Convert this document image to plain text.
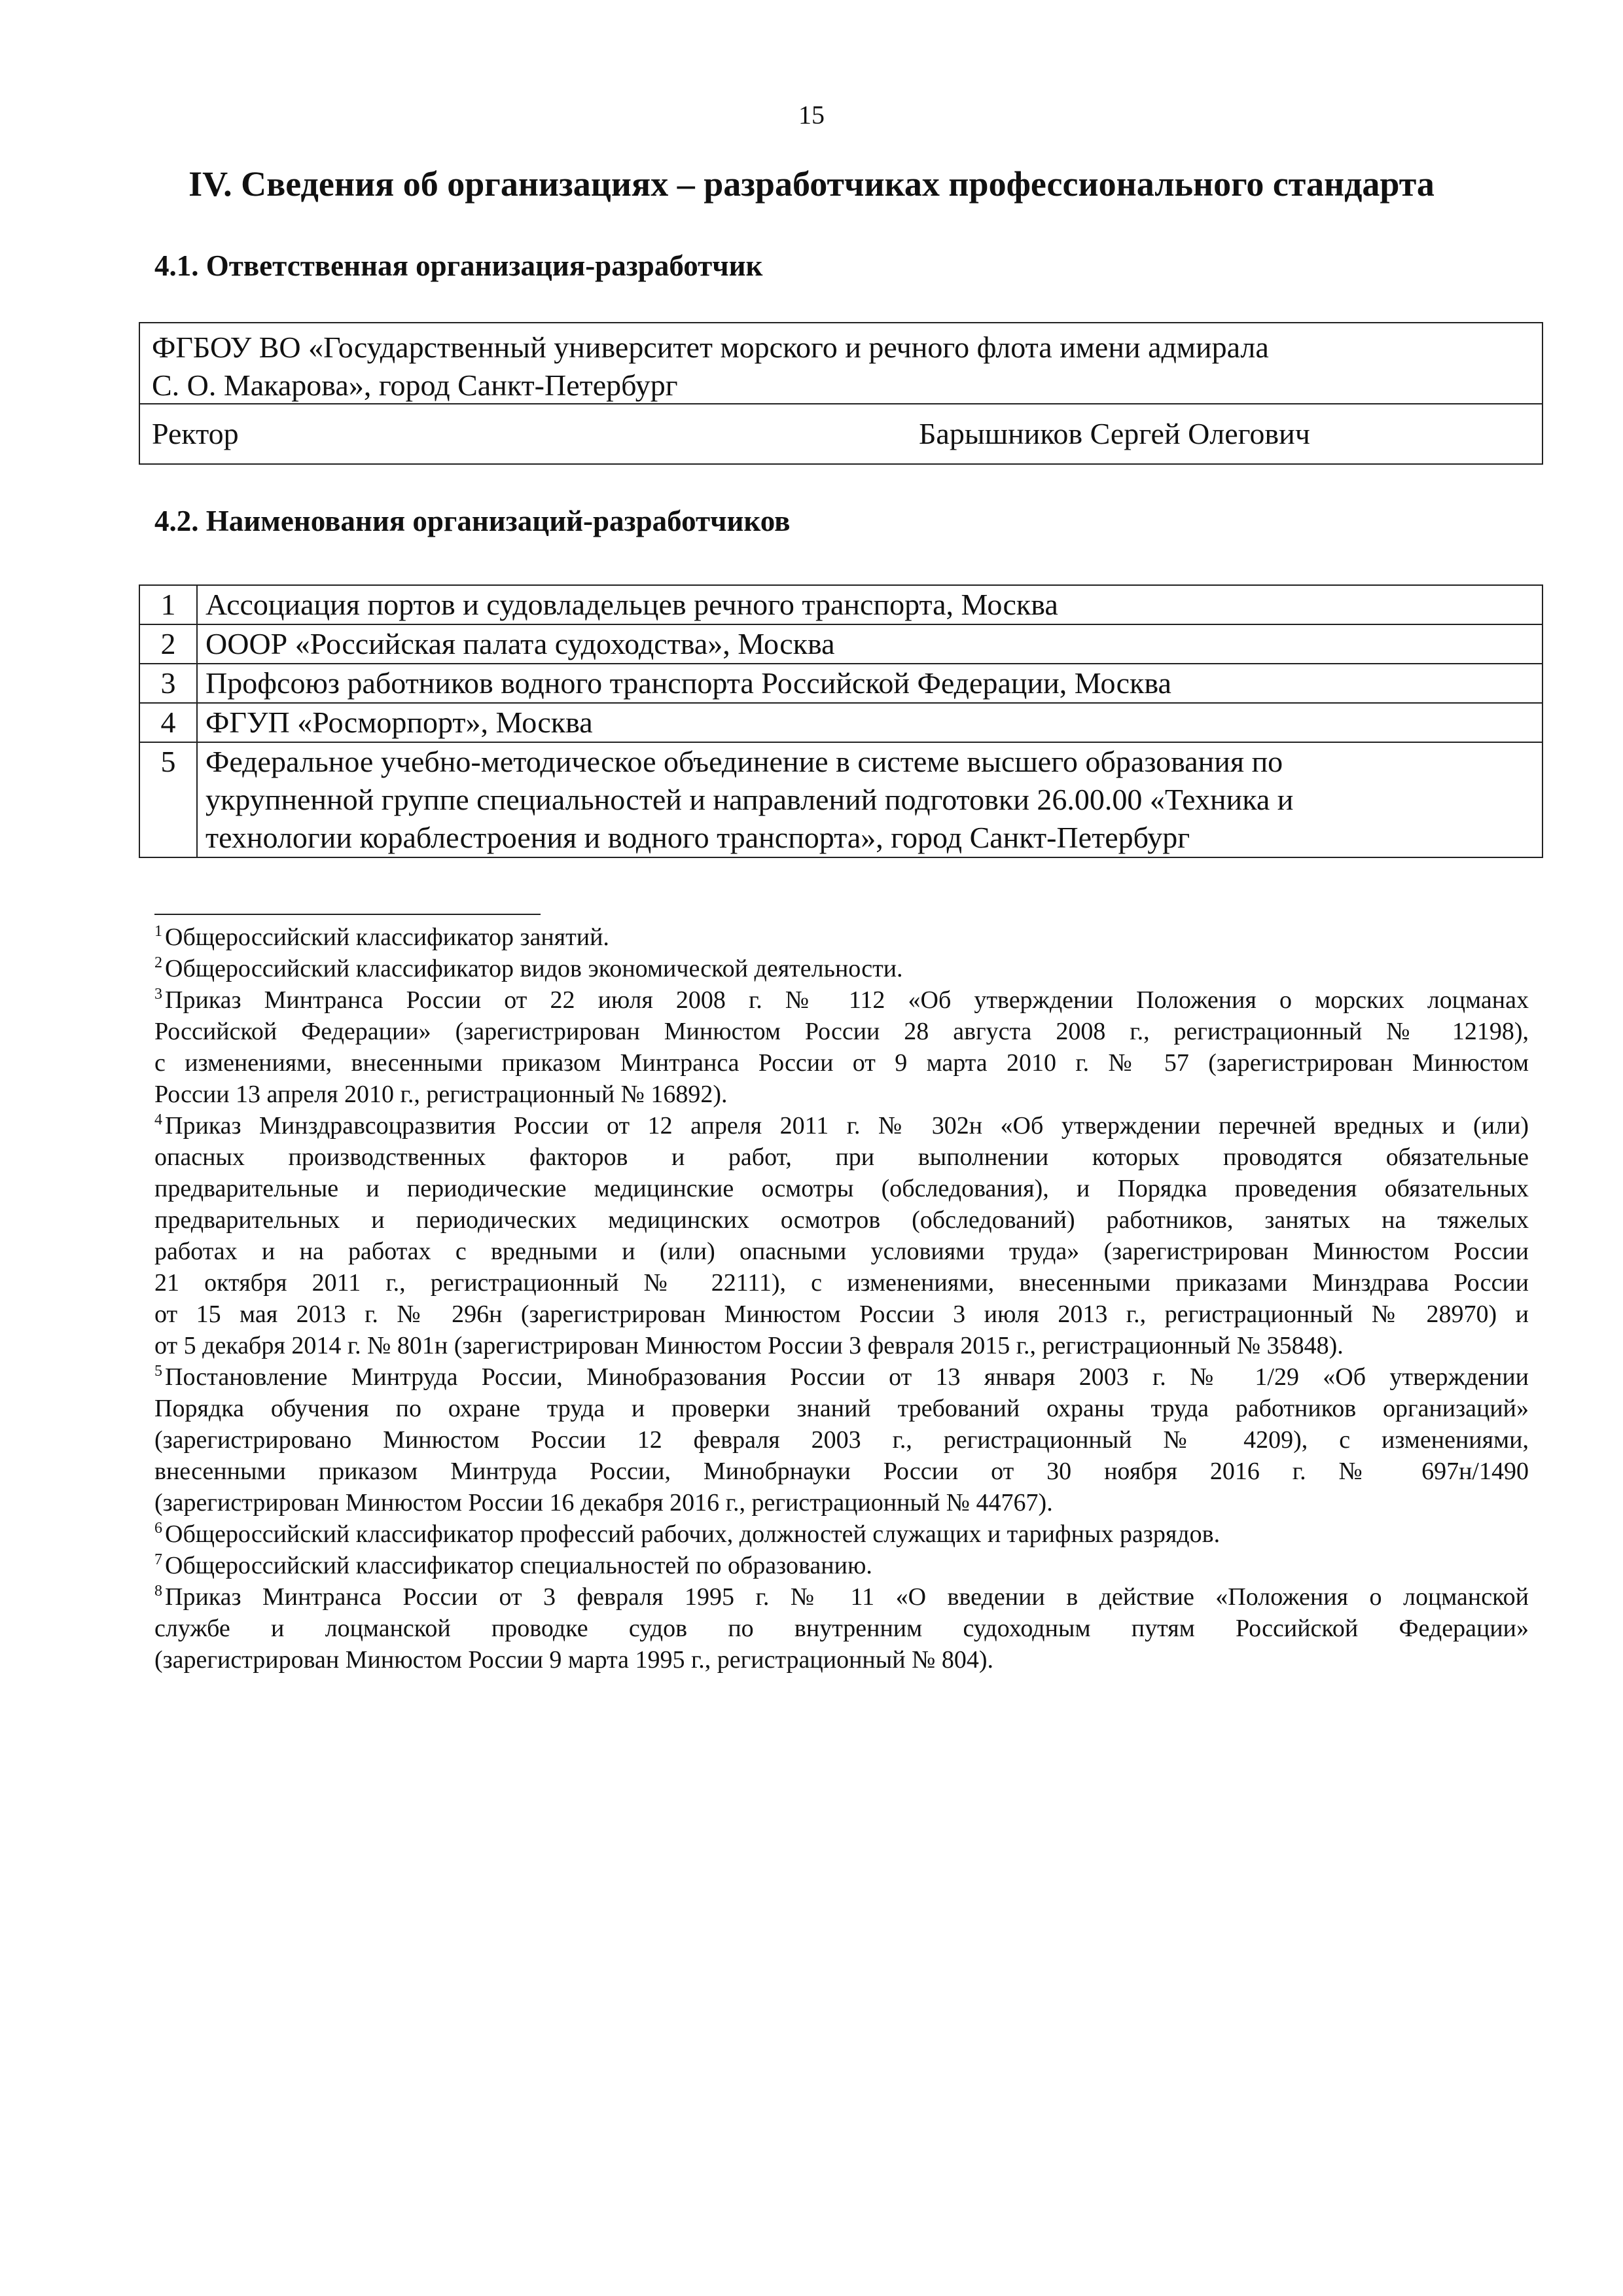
15
IV. Сведения об организациях – разработчиках профессионального стандарта
4.1. Ответственная организация-разработчик
ФГБОУ ВО «Государственный университет морского и речного флота имени адмирала
С. О. Макарова», город Санкт-Петербург
Ректор	Барышников Сергей Олегович
4.2. Наименования организаций-разработчиков
1	Ассоциация портов и судовладельцев речного транспорта, Москва

2	ОООР «Российская палата судоходства», Москва

3	Профсоюз работников водного транспорта Российской Федерации, Москва

4	ФГУП «Росморпорт», Москва

5	Федеральное учебно-методическое объединение в системе высшего образования по
укрупненной группе специальностей и направлений подготовки 26.00.00 «Техника и
технологии кораблестроения и водного транспорта», город Санкт-Петербург
$^1$ Общероссийский классификатор занятий.
$^2$ Общероссийский классификатор видов экономической деятельности.
$^3$ Приказ Минтранса России от 22 июля 2008 г. № 112 «Об утверждении Положения о морских лоцманах
Российской Федерации» (зарегистрирован Минюстом России 28 августа 2008 г., регистрационный № 12198),
с изменениями, внесенными приказом Минтранса России от 9 марта 2010 г. № 57 (зарегистрирован Минюстом
России 13 апреля 2010 г., регистрационный № 16892).
$^4$ Приказ Минздравсоцразвития России от 12 апреля 2011 г. № 302н «Об утверждении перечней вредных и (или)
опасных производственных факторов и работ, при выполнении которых проводятся обязательные
предварительные и периодические медицинские осмотры (обследования), и Порядка проведения обязательных
предварительных и периодических медицинских осмотров (обследований) работников, занятых на тяжелых
работах и на работах с вредными и (или) опасными условиями труда» (зарегистрирован Минюстом России
21 октября 2011 г., регистрационный № 22111), с изменениями, внесенными приказами Минздрава России
от 15 мая 2013 г. № 296н (зарегистрирован Минюстом России 3 июля 2013 г., регистрационный № 28970) и
от 5 декабря 2014 г. № 801н (зарегистрирован Минюстом России 3 февраля 2015 г., регистрационный № 35848).
$^5$ Постановление Минтруда России, Минобразования России от 13 января 2003 г. № 1/29 «Об утверждении
Порядка обучения по охране труда и проверки знаний требований охраны труда работников организаций»
(зарегистрировано Минюстом России 12 февраля 2003 г., регистрационный № 4209), с изменениями,
внесенными приказом Минтруда России, Минобрнауки России от 30 ноября 2016 г. № 697н/1490
(зарегистрирован Минюстом России 16 декабря 2016 г., регистрационный № 44767).
$^6$ Общероссийский классификатор профессий рабочих, должностей служащих и тарифных разрядов.
$^7$ Общероссийский классификатор специальностей по образованию.
$^8$ Приказ Минтранса России от 3 февраля 1995 г. № 11 «О введении в действие «Положения о лоцманской
службе и лоцманской проводке судов по внутренним судоходным путям Российской Федерации»
(зарегистрирован Минюстом России 9 марта 1995 г., регистрационный № 804).
